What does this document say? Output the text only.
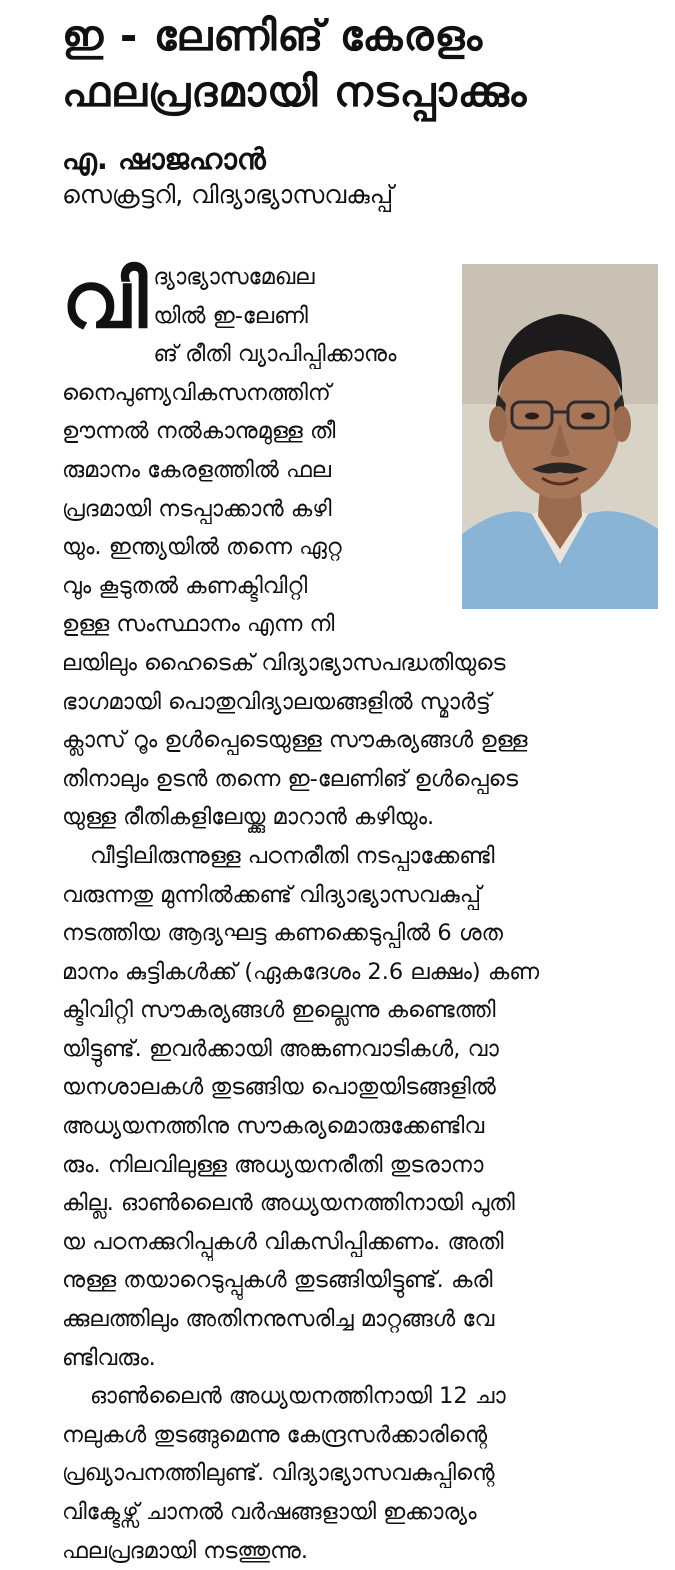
ഇ - ലേണിങ് കേരളം
ഫലപ്രദമായി നടപ്പാക്കും
എ. ഷാജഹാൻ
സെക്രട്ടറി, വിദ്യാഭ്യാസവകുപ്പ്

വി ദ്യാഭ്യാസമേഖല
യിൽ ഇ-ലേണി
ങ് രീതി വ്യാപിപ്പിക്കാനും
നൈപുണ്യവികസനത്തിന്
ഊന്നൽ നൽകാനുമുള്ള തീ
രുമാനം കേരളത്തിൽ ഫല
പ്രദമായി നടപ്പാക്കാൻ കഴി
യും. ഇന്ത്യയിൽ തന്നെ ഏറ്റ
വും കൂടുതൽ കണക്ടിവിറ്റി
ഉള്ള സംസ്ഥാനം എന്ന നി

ലയിലും ഹൈടെക് വിദ്യാഭ്യാസപദ്ധതിയുടെ
ഭാഗമായി പൊതുവിദ്യാലയങ്ങളിൽ സ്മാർട്ട്
ക്ലാസ് റൂം ഉൾപ്പെടെയുള്ള സൗകര്യങ്ങൾ ഉള്ള
തിനാലും ഉടൻ തന്നെ ഇ-ലേണിങ് ഉൾപ്പെടെ
യുള്ള രീതികളിലേയ്ക്കു മാറാൻ കഴിയും.

വീട്ടിലിരുന്നുള്ള പഠനരീതി നടപ്പാക്കേണ്ടി
വരുന്നതു മുന്നിൽക്കണ്ട് വിദ്യാഭ്യാസവകുപ്പ്
നടത്തിയ ആദ്യഘട്ട കണക്കെടുപ്പിൽ 6 ശത
മാനം കുട്ടികൾക്ക് (ഏകദേശം 2.6 ലക്ഷം) കണ
ക്ടിവിറ്റി സൗകര്യങ്ങൾ ഇല്ലെന്നു കണ്ടെത്തി
യിട്ടുണ്ട്. ഇവർക്കായി അങ്കണവാടികൾ, വാ
യനശാലകൾ തുടങ്ങിയ പൊതുയിടങ്ങളിൽ
അധ്യയനത്തിനു സൗകര്യമൊരുക്കേണ്ടിവ
രും. നിലവിലുള്ള അധ്യയനരീതി തുടരാനാ
കില്ല. ഓൺലൈൻ അധ്യയനത്തിനായി പുതി
യ പഠനക്കുറിപ്പുകൾ വികസിപ്പിക്കണം. അതി
നുള്ള തയാറെടുപ്പുകൾ തുടങ്ങിയിട്ടുണ്ട്. കരി
ക്കുലത്തിലും അതിനനുസരിച്ച മാറ്റങ്ങൾ വേ
ണ്ടിവരും.

ഓൺലൈൻ അധ്യയനത്തിനായി 12 ചാ
നലുകൾ തുടങ്ങുമെന്നു കേന്ദ്രസർക്കാരിന്റെ
പ്രഖ്യാപനത്തിലുണ്ട്. വിദ്യാഭ്യാസവകുപ്പിന്റെ
വിക്ടേഴ്സ് ചാനൽ വർഷങ്ങളായി ഇക്കാര്യം
ഫലപ്രദമായി നടത്തുന്നു.
